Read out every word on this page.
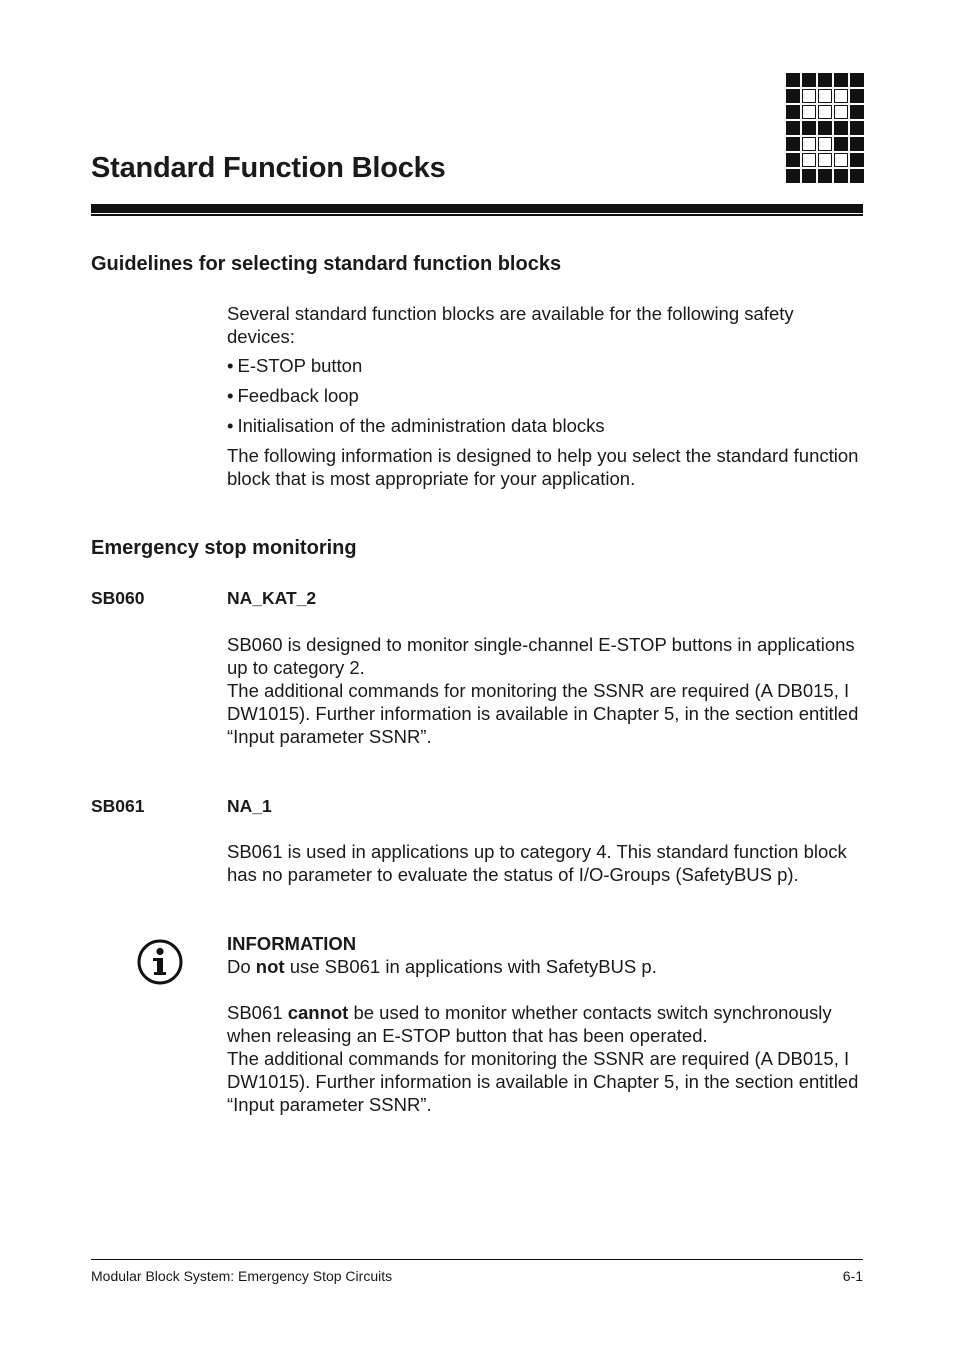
Standard Function Blocks
Guidelines for selecting standard function blocks

Several standard function blocks are available for the following safety devices:

• E-STOP button
• Feedback loop
• Initialisation of the administration data blocks

The following information is designed to help you select the standard function block that is most appropriate for your application.

Emergency stop monitoring
SB060	NA_KAT_2

SB060 is designed to monitor single-channel E-STOP buttons in applications up to category 2.

The additional commands for monitoring the SSNR are required (A DB015, I DW1015). Further information is available in Chapter 5, in the section entitled “Input parameter SSNR”.

SB061	NA_1

SB061 is used in applications up to category 4. This standard function block has no parameter to evaluate the status of I/O-Groups (SafetyBUS p).

INFORMATION

Do not use SB061 in applications with SafetyBUS p.

SB061 cannot be used to monitor whether contacts switch synchronously when releasing an E-STOP button that has been operated.

The additional commands for monitoring the SSNR are required (A DB015, I DW1015). Further information is available in Chapter 5, in the section entitled “Input parameter SSNR”.

Modular Block System: Emergency Stop Circuits	6-1
